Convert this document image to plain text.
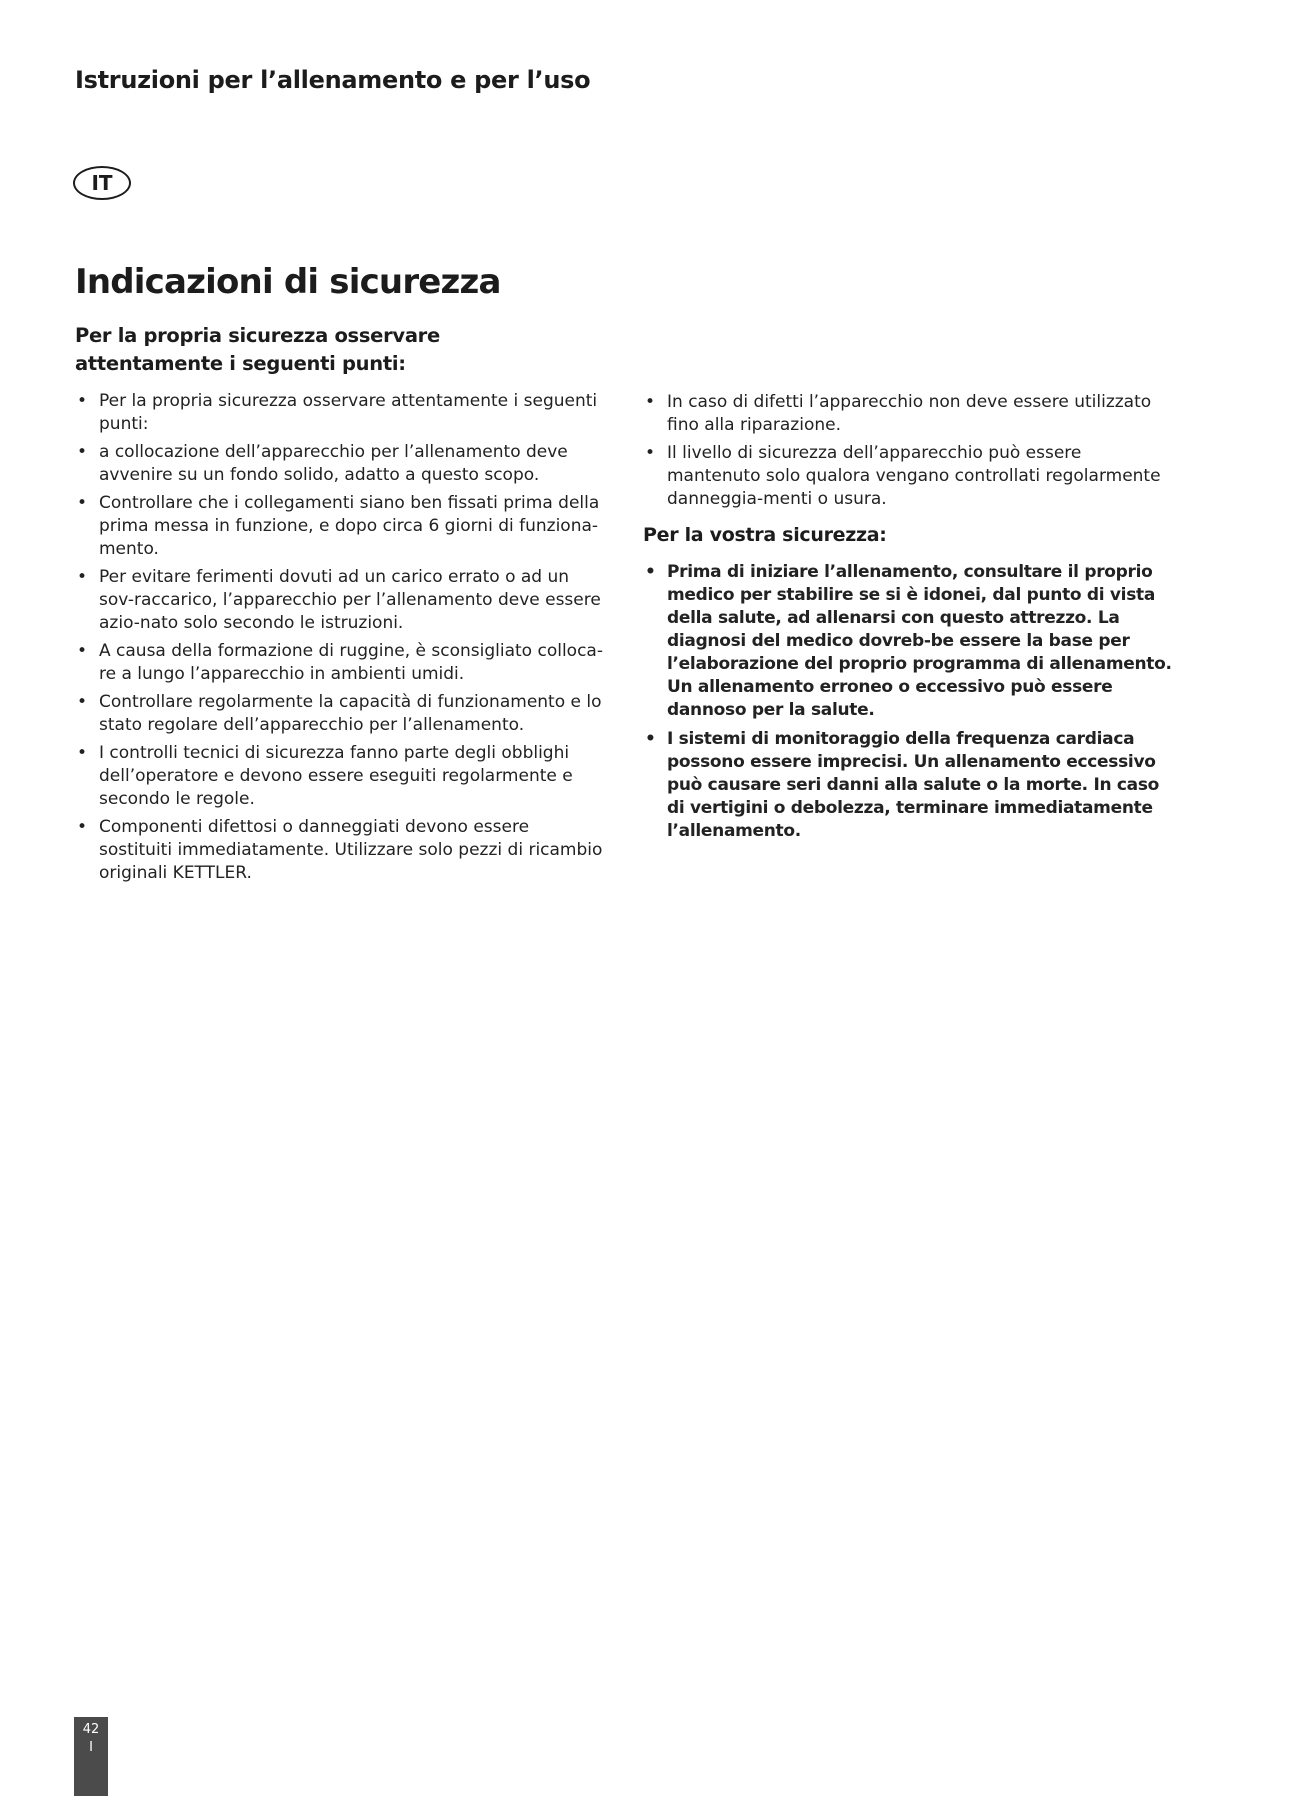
Istruzioni per l’allenamento e per l’uso
IT
Indicazioni di sicurezza
Per la propria sicurezza osservare attentamente i seguenti punti:
• Per la propria sicurezza osservare attentamente i seguenti punti:
• a collocazione dell’apparecchio per l’allenamento deve avvenire su un fondo solido, adatto a questo scopo.
• Controllare che i collegamenti siano ben fissati prima della prima messa in funzione, e dopo circa 6 giorni di funziona-mento.
• Per evitare ferimenti dovuti ad un carico errato o ad un sov-raccarico, l’apparecchio per l’allenamento deve essere azio-nato solo secondo le istruzioni.
• A causa della formazione di ruggine, è sconsigliato colloca-re a lungo l’apparecchio in ambienti umidi.
• Controllare regolarmente la capacità di funzionamento e lo stato regolare dell’apparecchio per l’allenamento.
• I controlli tecnici di sicurezza fanno parte degli obblighi dell’operatore e devono essere eseguiti regolarmente e secondo le regole.
• Componenti difettosi o danneggiati devono essere sostituiti immediatamente. Utilizzare solo pezzi di ricambio originali KETTLER.
• In caso di difetti l’apparecchio non deve essere utilizzato fino alla riparazione.
• Il livello di sicurezza dell’apparecchio può essere mantenuto solo qualora vengano controllati regolarmente danneggia-menti o usura.
Per la vostra sicurezza:
• Prima di iniziare l’allenamento, consultare il proprio medico per stabilire se si è idonei, dal punto di vista della salute, ad allenarsi con questo attrezzo. La diagnosi del medico dovreb-be essere la base per l’elaborazione del proprio programma di allenamento. Un allenamento erroneo o eccessivo può essere dannoso per la salute.
• I sistemi di monitoraggio della frequenza cardiaca possono essere imprecisi. Un allenamento eccessivo può causare seri danni alla salute o la morte. In caso di vertigini o debolezza, terminare immediatamente l’allenamento.
42
I
